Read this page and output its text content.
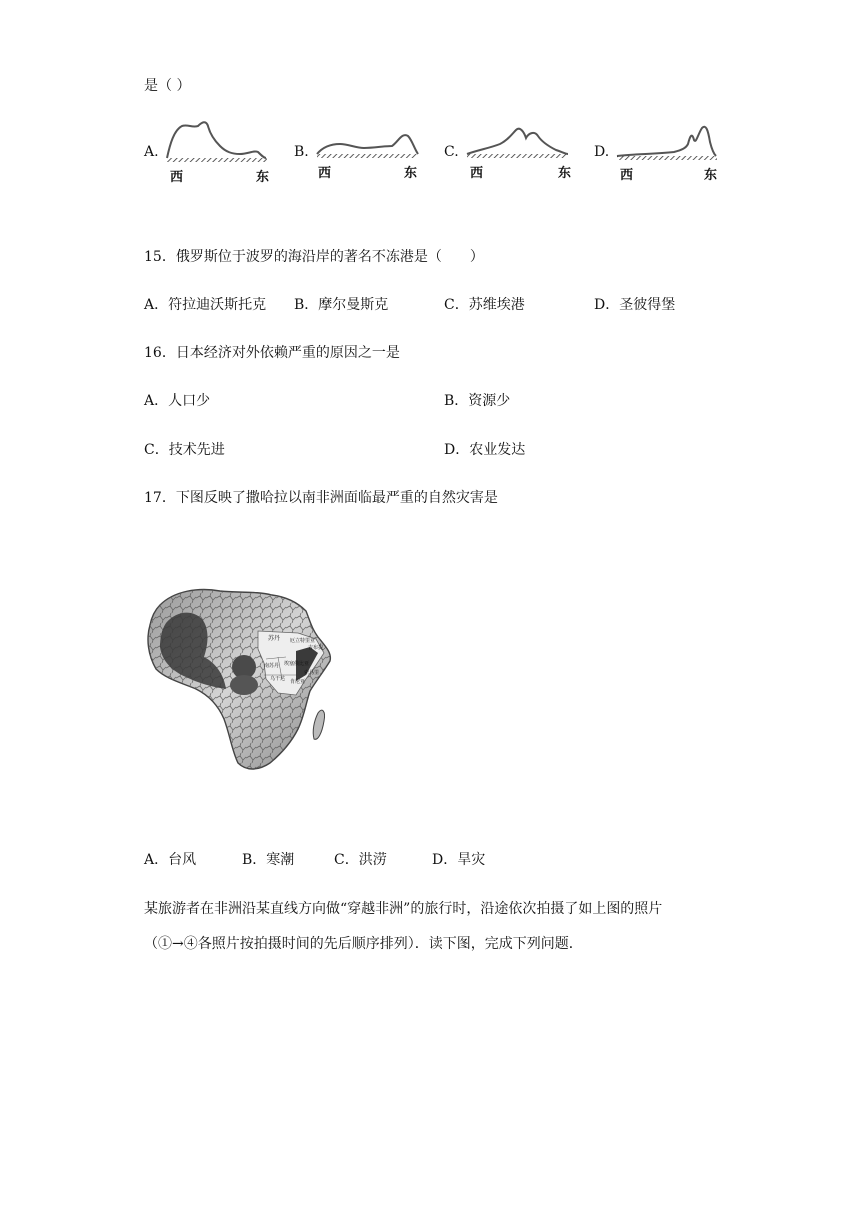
是（ ）
A.
西	东
B.
西	东
C.
西	东
D.
西	东
15．俄罗斯位于波罗的海沿岸的著名不冻港是（　　）
A．符拉迪沃斯托克 B．摩尔曼斯克	C．苏维埃港	D．圣彼得堡
16．日本经济对外依赖严重的原因之一是
A．人口少	B．资源少
C．技术先进	D．农业发达
17．下图反映了撒哈拉以南非洲面临最严重的自然灾害是
苏丹 厄立特里亚
吉布提
南苏丹 埃塞俄比亚
索马里
肯尼亚
乌干达
A．台风	B．寒潮	C．洪涝	D．旱灾
某旅游者在非洲沿某直线方向做“穿越非洲”的旅行时，沿途依次拍摄了如上图的照片
（①→④各照片按拍摄时间的先后顺序排列）．读下图，完成下列问题．
